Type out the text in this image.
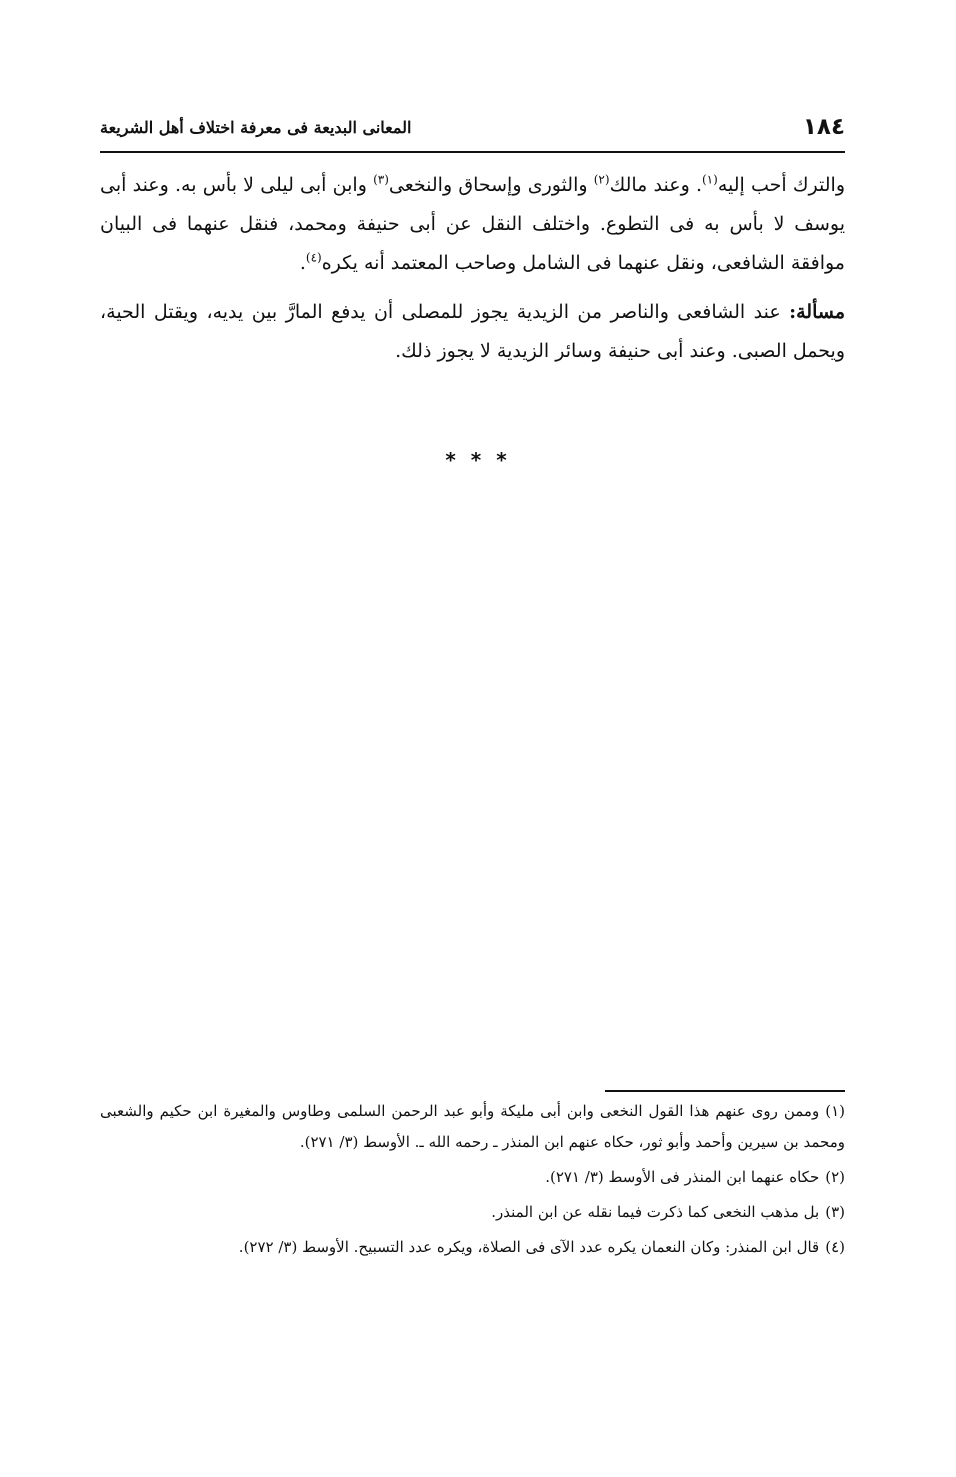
١٨٤
المعانى البديعة فى معرفة اختلاف أهل الشريعة

والترك أحب إليه$^{(١)}$. وعند مالك$^{(٢)}$ والثورى وإسحاق والنخعى$^{(٣)}$ وابن أبى ليلى لا بأس به. وعند أبى يوسف لا بأس به فى التطوع. واختلف النقل عن أبى حنيفة ومحمد، فنقل عنهما فى البيان موافقة الشافعى، ونقل عنهما فى الشامل وصاحب المعتمد أنه يكره$^{(٤)}$.

مسألة: عند الشافعى والناصر من الزيدية يجوز للمصلى أن يدفع المارَّ بين يديه، ويقتل الحية، ويحمل الصبى. وعند أبى حنيفة وسائر الزيدية لا يجوز ذلك.

* * *

(١)وممن روى عنهم هذا القول النخعى وابن أبى مليكة وأبو عبد الرحمن السلمى وطاوس والمغيرة ابن حكيم والشعبى ومحمد بن سيرين وأحمد وأبو ثور، حكاه عنهم ابن المنذر ـ رحمه الله ـ. الأوسط (٣/ ٢٧١).

(٢)حكاه عنهما ابن المنذر فى الأوسط (٣/ ٢٧١).

(٣)بل مذهب النخعى كما ذكرت فيما نقله عن ابن المنذر.

(٤)قال ابن المنذر: وكان النعمان يكره عدد الآى فى الصلاة، ويكره عدد التسبيح. الأوسط (٣/ ٢٧٢).
